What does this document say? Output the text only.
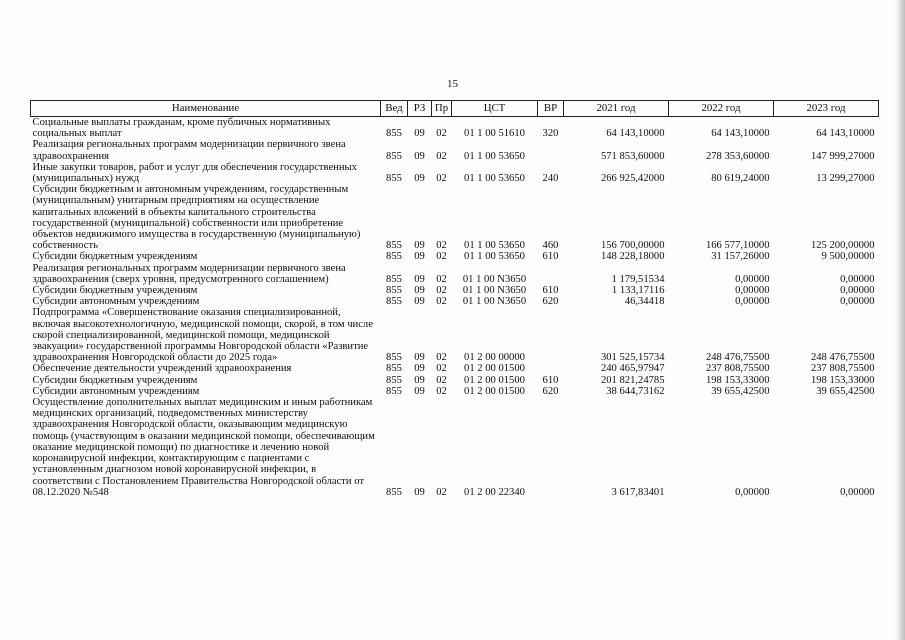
15
Наименование	Вед	РЗ	Пр	ЦСТ	ВР	2021 год	2022 год	2023 год
Социальные выплаты гражданам, кроме публичных нормативных социальных выплат	855	09	02	01 1 00 51610	320	64 143,10000	64 143,10000	64 143,10000
Реализация региональных программ модернизации первичного звена здравоохранения	855	09	02	01 1 00 53650		571 853,60000	278 353,60000	147 999,27000
Иные закупки товаров, работ и услуг для обеспечения государственных (муниципальных) нужд	855	09	02	01 1 00 53650	240	266 925,42000	80 619,24000	13 299,27000
Субсидии бюджетным и автономным учреждениям, государственным (муниципальным) унитарным предприятиям на осуществление капитальных вложений в объекты капитального строительства государственной (муниципальной) собственности или приобретение объектов недвижимого имущества в государственную (муниципальную) собственность	855	09	02	01 1 00 53650	460	156 700,00000	166 577,10000	125 200,00000
Субсидии бюджетным учреждениям	855	09	02	01 1 00 53650	610	148 228,18000	31 157,26000	9 500,00000
Реализация региональных программ модернизации первичного звена здравоохранения (сверх уровня, предусмотренного соглашением)	855	09	02	01 1 00 N3650		1 179,51534	0,00000	0,00000
Субсидии бюджетным учреждениям	855	09	02	01 1 00 N3650	610	1 133,17116	0,00000	0,00000
Субсидии автономным учреждениям	855	09	02	01 1 00 N3650	620	46,34418	0,00000	0,00000
Подпрограмма «Совершенствование оказания специализированной, включая высокотехнологичную, медицинской помощи, скорой, в том числе скорой специализированной, медицинской помощи, медицинской эвакуации» государственной программы Новгородской области «Развитие здравоохранения Новгородской области до 2025 года»	855	09	02	01 2 00 00000		301 525,15734	248 476,75500	248 476,75500
Обеспечение деятельности учреждений здравоохранения	855	09	02	01 2 00 01500		240 465,97947	237 808,75500	237 808,75500
Субсидии бюджетным учреждениям	855	09	02	01 2 00 01500	610	201 821,24785	198 153,33000	198 153,33000
Субсидии автономным учреждениям	855	09	02	01 2 00 01500	620	38 644,73162	39 655,42500	39 655,42500
Осуществление дополнительных выплат медицинским и иным работникам медицинских организаций, подведомственных министерству здравоохранения Новгородской области, оказывающим медицинскую помощь (участвующим в оказании медицинской помощи, обеспечивающим оказание медицинской помощи) по диагностике и лечению новой коронавирусной инфекции, контактирующим с пациентами с установленным диагнозом новой коронавирусной инфекции, в соответствии с Постановлением Правительства Новгородской области от 08.12.2020 №548	855	09	02	01 2 00 22340		3 617,83401	0,00000	0,00000
